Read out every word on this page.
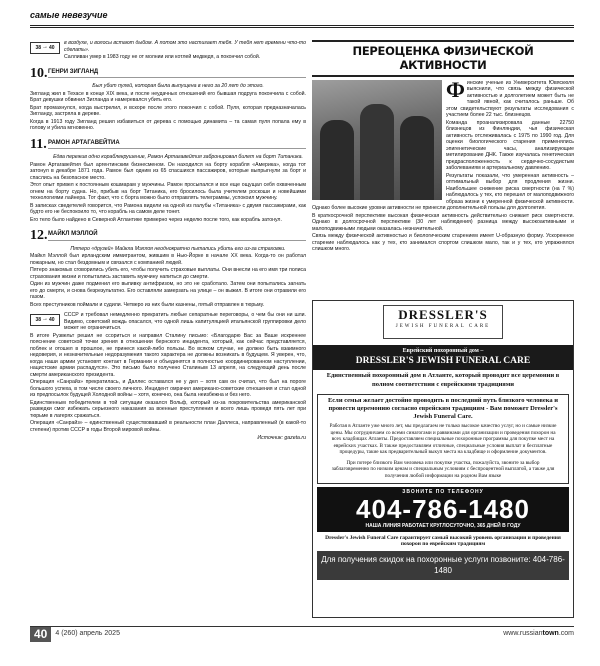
самые невезучие
38 → 40

в воздухе, и волосы встают дыбом. А потом это настигает тебя. У тебя нет времени что-то сделать».

Салливан умер в 1983 году не от молнии или котлей медведя, а покончил собой.

10. ГЕНРИ ЗИГЛАНД

Был убит пулей, которая была выпущена в него за 20 лет до этого.

Зигланд жил в Техасе в конце XIX века, и после неудачных отношений его бывшая подруга покончила с собой. Брат девушки обвинил Зигланда и намеревался убить его.

Брат промахнулся, когда выстрелил, и вскоре после этого покончил с собой. Пуля, которая предназначалась Зигланду, застряла в дереве.

Когда в 1913 году Зигланд решил избавиться от дерева с помощью динамита – та самая пуля попала ему в голову и убила мгновенно.

11. РАМОН АРТАГАВЕЙТИА

Едва пережив одно кораблекрушение, Рамон Артагавейтия забронировал билет на борт Титаника.

Рамон Артагавейтия был аргентинским бизнесменом. Он находился на борту корабля «Америка», когда тот затонул в декабре 1871 года. Рамон был одним из 65 спасшихся пассажиров, которые выпрыгнули за борт и спаслись на безопасное место.

Этот опыт привел к постоянным кошмарам у мужчины. Рамон просыпался и все еще ощущал себя охваченным огнем на борту судна. Но, прибыв на борт Титаника, его бросилось была учителем роскоши и новейшими технологиями лайнера. Тот факт, что с борта можно было отправлять телеграммы, успокоил мужчину.

В записках сведетелей говорится, что Рамона видели на одной из палубы «Титаника» с двумя пассажирами, как будто его не беспокоило то, что корабль на самом деле тонет.

Его тело было найдено в Северной Атлантике примерно через неделю после того, как корабль затонул.

12. МАЙКЛ МЭЛЛОЙ

Пятеро «друзей» Майкла Мэллоя неоднократно пытались убить его из-за страховки.

Майкл Мэллой был ирландским иммигрантом, жившим в Нью-Йорке в начале XX века. Когда-то он работал пожарным, но стал бездомным и связался с компанией людей.

Пятеро знакомых сговорились убить его, чтобы получить страховые выплаты. Они внесли на его имя три полиса страхования жизни и попытались заставить мужчину напиться до смерти.

Один из мужчин даже подменил его выпивку антифризом, но это не сработало. Затем они попытались загнать его до смерти, и снова безрезультатно. Его оставляли замерзать на улице – он выжил. В итоге они отравили его газом.

Всех преступников поймали и судили. Четверо из них были казнены, пятый отправлен в тюрьму.

38 → 40

СССР и требовал немедленно прекратить любые сепаратные переговоры, о чем бы они ни шли. Видимо, советский вождь опасался, что одной лишь капитуляцией итальянской группировки дело может не ограничиться.

В итоге Рузвельт решил не ссориться и направил Сталину письмо: «Благодарю Вас за Ваше искреннее пояснение советской точки зрения в отношении бернского инцидента, который, как сейчас представляется, поблек и отошел в прошлое, не принеся какой-либо пользы. Во всяком случае, не должно быть взаимного недоверия, и незначительные недоразумения такого характера не должны возникать в будущем. Я уверен, что, когда наши армии установят контакт в Германии и объединятся в полностью координированном наступлении, нацистские армии распадутся». Это письмо было получено Сталиным 13 апреля, на следующий день после смерти американского президента.

Операция «Санрайз» прекратилась, и Даллес оставался не у дел – хотя сам он считал, что был на пороге большого успеха, в том числе своего личного. Инцидент омрачил американо-советские отношения и стал одной из предпосылок будущей Холодной войны – хотя, конечно, она была неизбежна и без него.

Единственным победителем в той ситуации оказался Вольф, который из-за покровительства американской разведки смог избежать серьезного наказания за военные преступления и всего лишь проведя пять лет при тюрьме в лагерях сражаться.

Операция «Санрайз» – единственный существовавший в реальности план Даллеса, направленный (в какой-то степени) против СССР в годы Второй мировой войны.

Источник: gazeta.ru

ПЕРЕОЦЕНКА ФИЗИЧЕСКОЙ АКТИВНОСТИ
Ф инские ученые из Университета Ювяскюля выяснили, что связь между физической активностью и долголетием может быть не такой явной, как считалось раньше. Об этом свидетельствуют результаты исследования с участием более 22 тыс. близнецов.

Команда проанализировала данные 22750 близнецов из Финляндии, чья физическая активность отслеживалась с 1975 по 1990 год. Для оценки биологического старения применялись эпигенетические часы, анализирующие метилирование ДНК. Также изучалась генетическая предрасположенность к сердечно-сосудистым заболеваниям и артериальному давлению.

Результаты показали, что умеренная активность – оптимальный выбор для продления жизни. Наибольшее снижение риска смертности (на 7 %) наблюдалось у тех, кто перешел от малоподвижного образа жизни к умеренной физической активности. Однако более высокие уровни активности не принесли дополнительной пользы для долголетия.

В краткосрочной перспективе высокая физическая активность действительно снижает риск смертности. Однако в долгосрочной перспективе (30 лет наблюдения) разница между высокоактивными и малоподвижными людьми оказалась незначительной.

Связь между физической активностью и биологическим старением имеет U-образную форму. Ускоренное старение наблюдалось как у тех, кто занимался спортом слишком мало, так и у тех, кто упражнялся слишком много.

DRESSLER'S
JEWISH FUNERAL CARE
Еврейский похоронный дом –
DRESSLER'S JEWISH FUNERAL CARE

Единственный похоронный дом в Атланте, который проводит все церемонии в полном соответствии с еврейскими традициями

Если семья желает достойно проводить в последний путь близкого человека и провести церемонию согласно еврейским традициям - Вам поможет Dressler's Jewish Funeral Care.

Работая в Атланте уже много лет, мы предлагаем не только высокое качество услуг, но и самые низкие цены. Мы сотрудничаем со всеми синагогами и раввинами для организации и проведения похорон на всех кладбищах Атланты. Предоставляем специальные похоронные программы для покупке мест на еврейских участках. В также предоставляем отличные, специальные условия выплат и бесплатные процедуры, такие как предварительный выкуп места на кладбище и оформление документов.

При потере близкого Вам человека или покупке участка, пожалуйста, звоните за выбор заблаговременно по низким ценам и специальным условиям с беспроцентной выплатой, а также для получения любой информации на родном Вам языке

ЗВОНИТЕ ПО ТЕЛЕФОНУ
404-786-1480
НАША ЛИНИЯ РАБОТАЕТ КРУГЛОСУТОЧНО, 365 ДНЕЙ В ГОДУ

Dressler's Jewish Funeral Care гарантирует самый высокий уровень организации и проведения похорон по еврейским традициям

Для получения скидок на похоронные услуги позвоните: 404-786-1480
40	4 (260) апрель 2025	www.russiantown.com
